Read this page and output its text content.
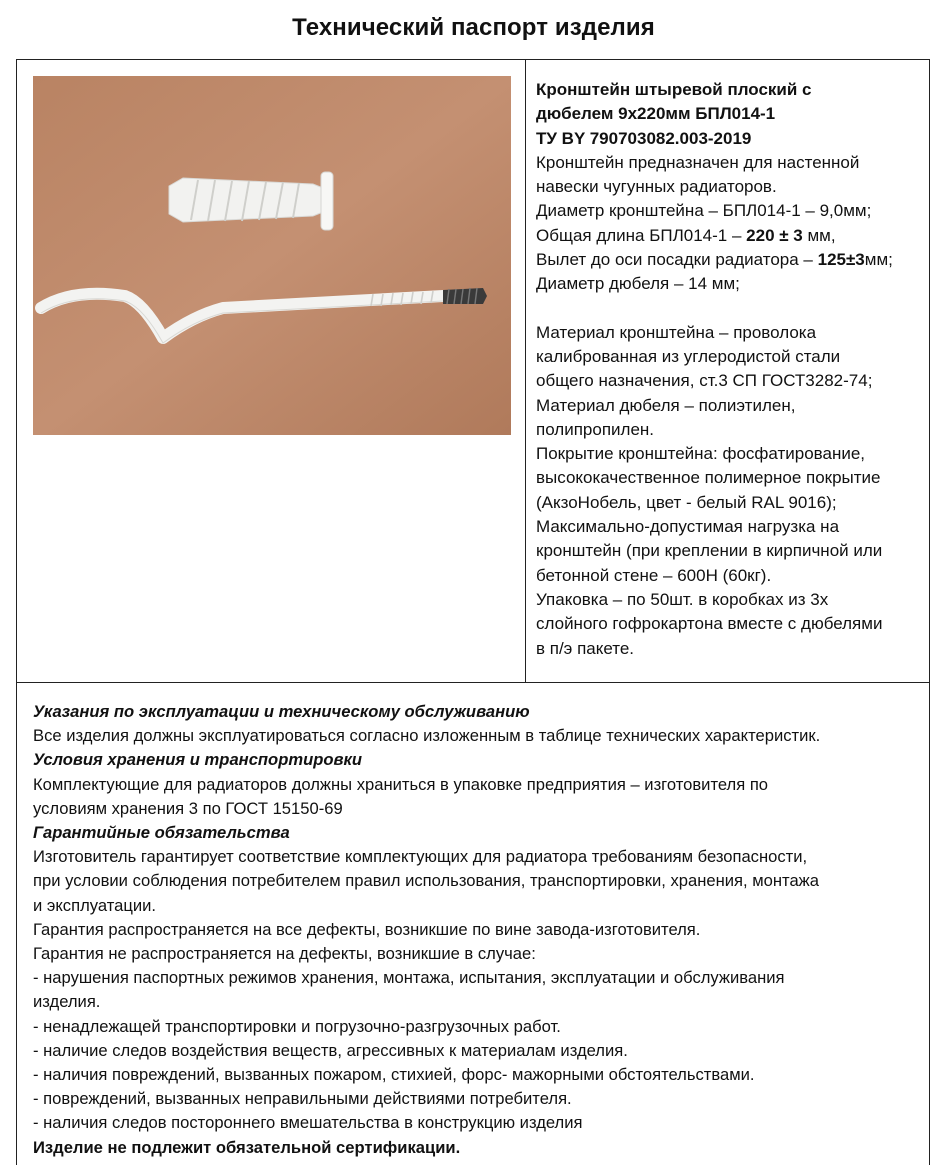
Технический паспорт изделия
Кронштейн штыревой плоский с
дюбелем 9х220мм БПЛ014-1
ТУ BY 790703082.003-2019
Кронштейн предназначен для настенной
навески чугунных радиаторов.
Диаметр кронштейна – БПЛ014-1 – 9,0мм;
Общая длина БПЛ014-1 – 220 ± 3 мм,
Вылет до оси посадки радиатора – 125±3мм;
Диаметр дюбеля – 14 мм;
Материал кронштейна – проволока
калиброванная из углеродистой стали
общего назначения, ст.3 СП ГОСТ3282-74;
Материал дюбеля – полиэтилен,
полипропилен.
Покрытие кронштейна: фосфатирование,
высококачественное полимерное покрытие
(АкзоНобель, цвет - белый RAL 9016);
Максимально-допустимая нагрузка на
кронштейн (при креплении в кирпичной или
бетонной стене – 600Н (60кг).
Упаковка – по 50шт. в коробках из 3х
слойного гофрокартона вместе с дюбелями
в п/э пакете.
Указания по эксплуатации и техническому обслуживанию
Все изделия должны эксплуатироваться согласно изложенным в таблице технических характеристик.
Условия хранения и транспортировки
Комплектующие для радиаторов должны храниться в упаковке предприятия – изготовителя по
условиям хранения 3 по ГОСТ 15150-69
Гарантийные обязательства
Изготовитель гарантирует соответствие комплектующих для радиатора требованиям безопасности,
при условии соблюдения потребителем правил использования, транспортировки, хранения, монтажа
и эксплуатации.
Гарантия распространяется на все дефекты, возникшие по вине завода-изготовителя.
Гарантия не распространяется на дефекты, возникшие в случае:
- нарушения паспортных режимов хранения, монтажа, испытания, эксплуатации и обслуживания
изделия.
- ненадлежащей транспортировки и погрузочно-разгрузочных работ.
- наличие следов воздействия веществ, агрессивных к материалам изделия.
- наличия повреждений, вызванных пожаром, стихией, форс- мажорными обстоятельствами.
- повреждений, вызванных неправильными действиями потребителя.
- наличия следов постороннего вмешательства в конструкцию изделия
Изделие не подлежит обязательной сертификации.
